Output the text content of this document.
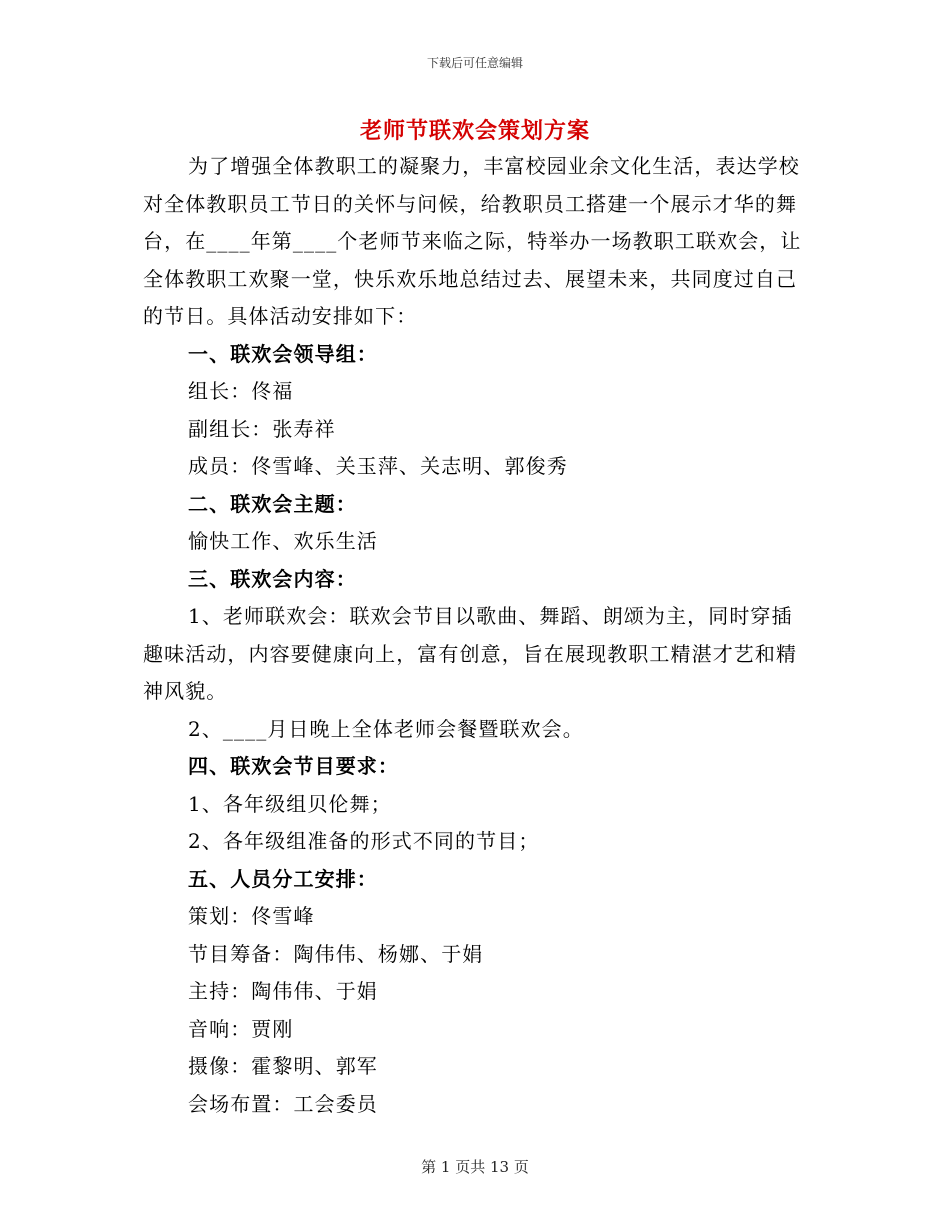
下载后可任意编辑
老师节联欢会策划方案

为了增强全体教职工的凝聚力，丰富校园业余文化生活，表达学校对全体教职员工节日的关怀与问候，给教职员工搭建一个展示才华的舞台，在____年第____个老师节来临之际，特举办一场教职工联欢会，让全体教职工欢聚一堂，快乐欢乐地总结过去、展望未来，共同度过自己的节日。具体活动安排如下：

一、联欢会领导组：

组长：佟福

副组长：张寿祥

成员：佟雪峰、关玉萍、关志明、郭俊秀

二、联欢会主题：

愉快工作、欢乐生活

三、联欢会内容：

1、老师联欢会：联欢会节目以歌曲、舞蹈、朗颂为主，同时穿插趣味活动，内容要健康向上，富有创意，旨在展现教职工精湛才艺和精神风貌。

2、____月日晚上全体老师会餐暨联欢会。

四、联欢会节目要求：

1、各年级组贝伦舞；

2、各年级组准备的形式不同的节目；

五、人员分工安排：

策划：佟雪峰

节目筹备：陶伟伟、杨娜、于娟

主持：陶伟伟、于娟

音响：贾刚

摄像：霍黎明、郭军

会场布置：工会委员

第 1 页共 13 页
